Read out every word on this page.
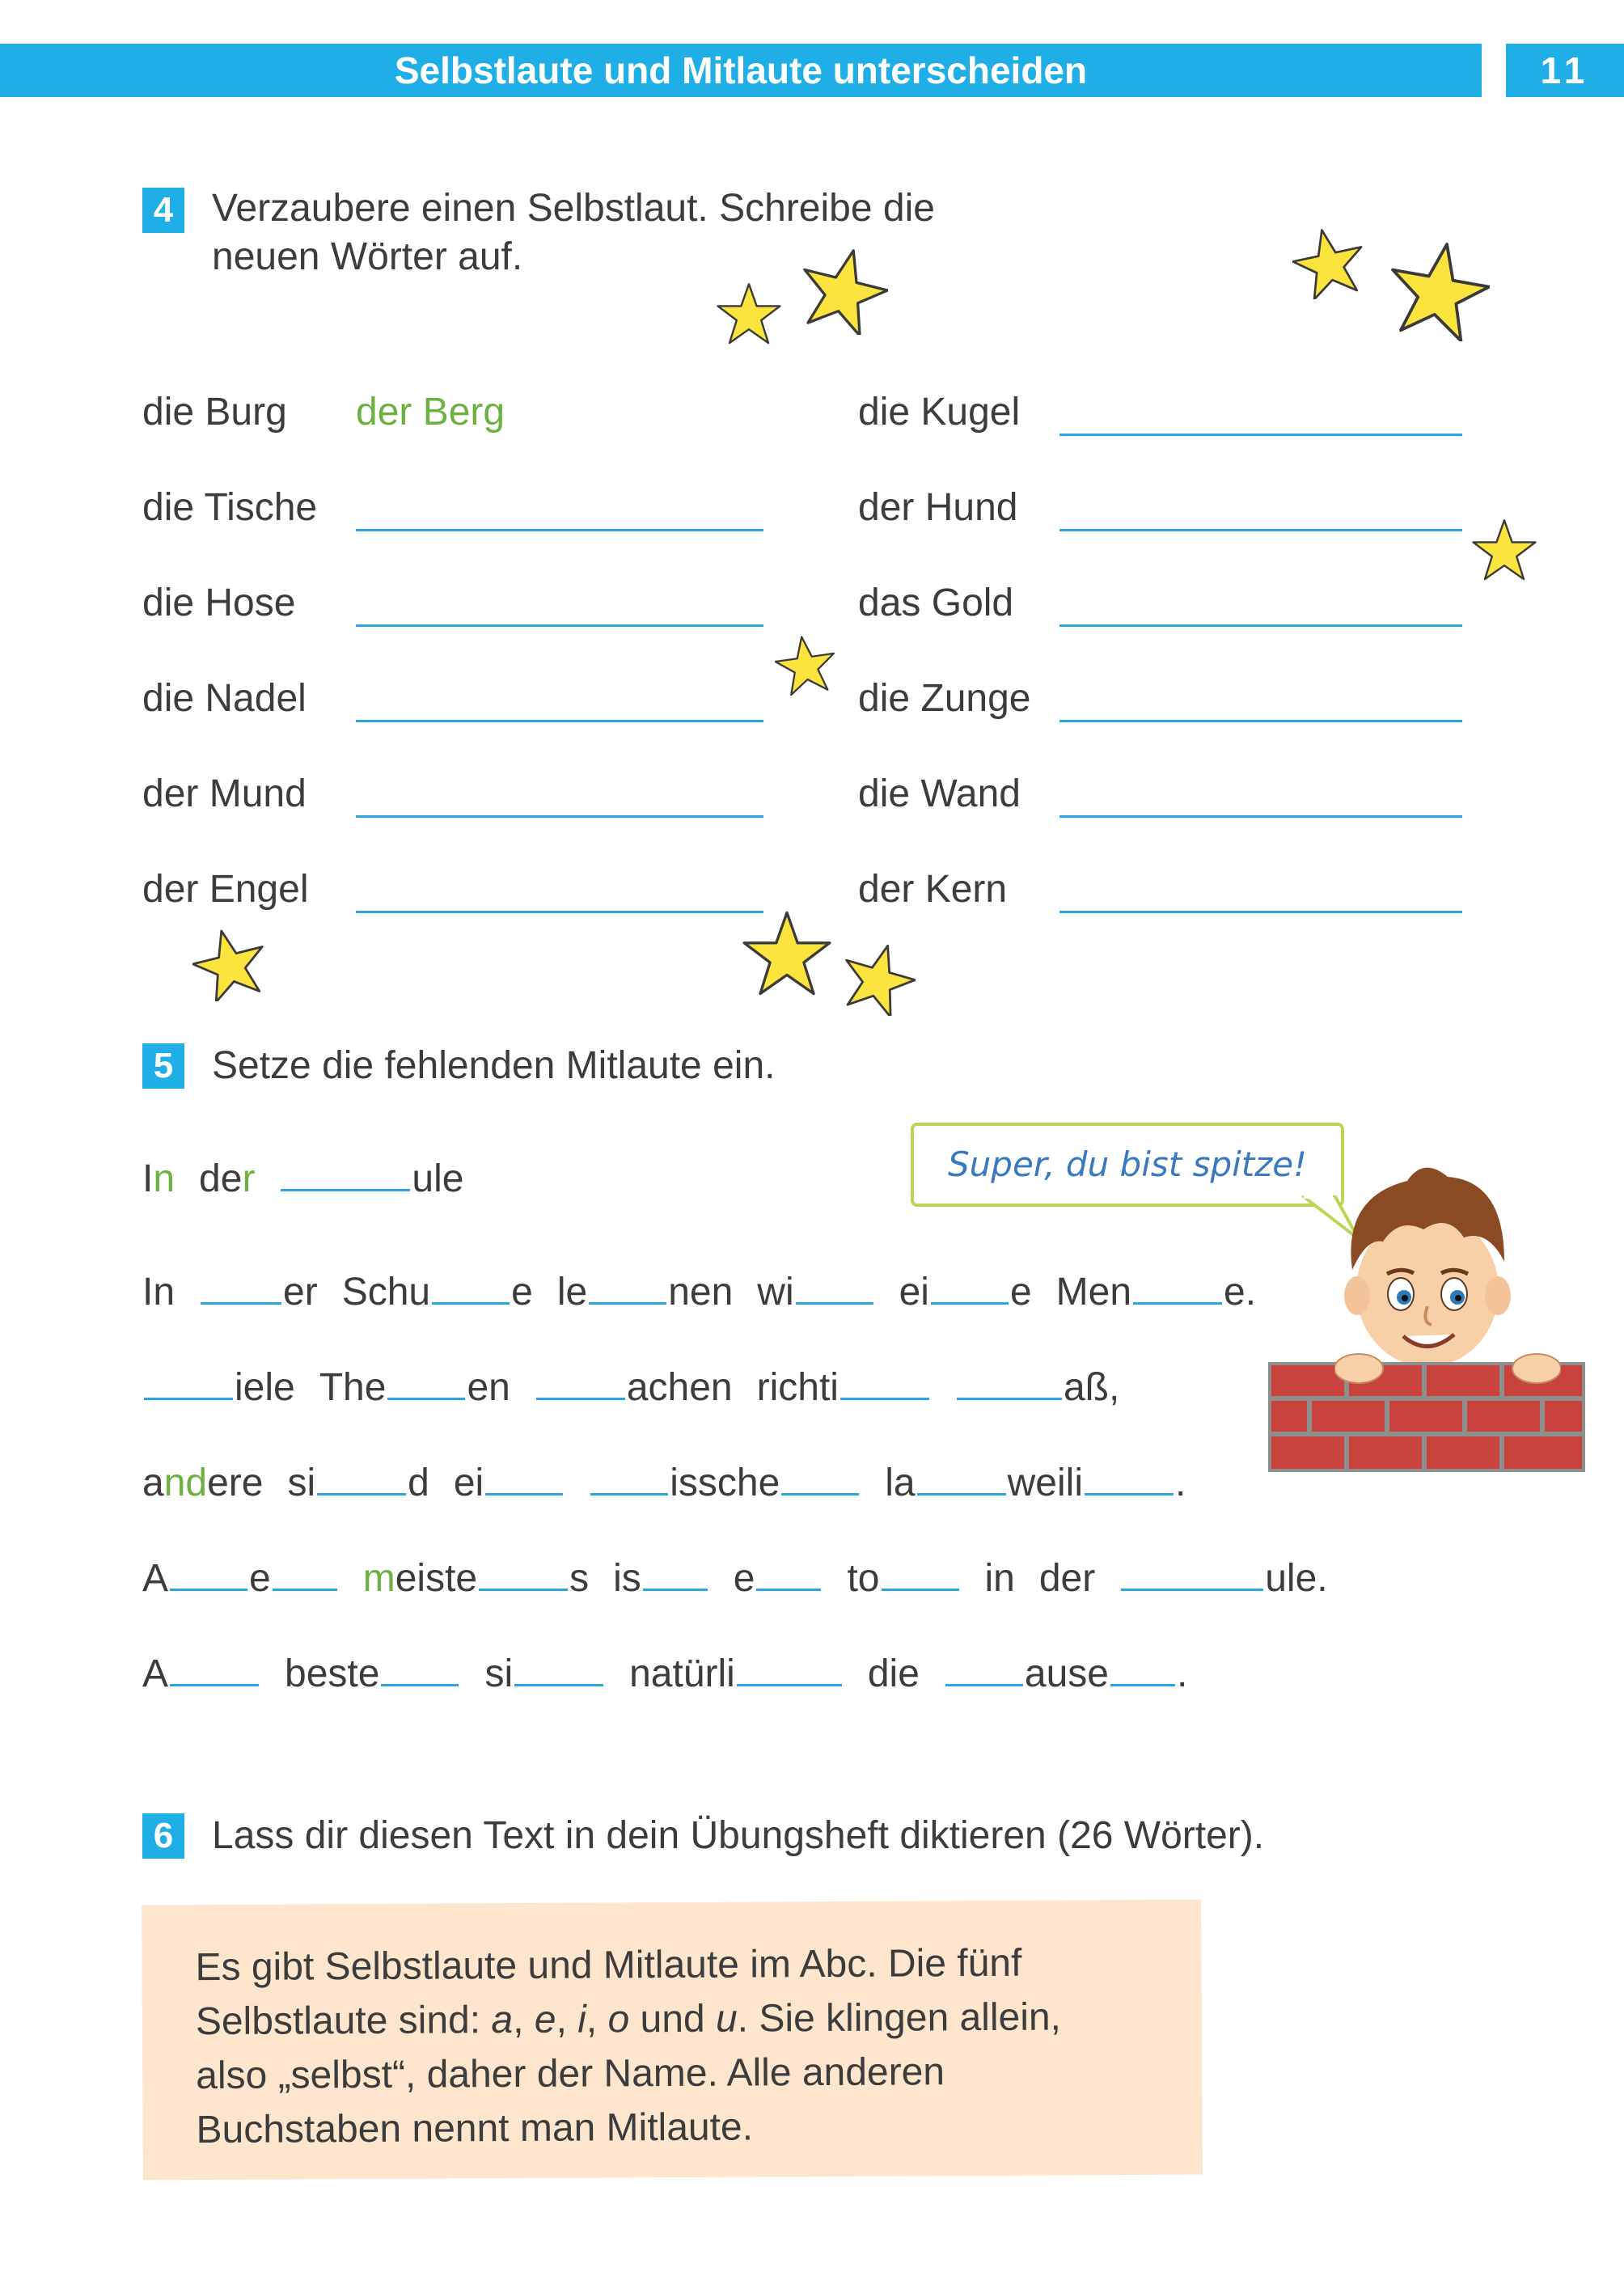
Selbstlaute und Mitlaute unterscheiden	11
4 Verzaubere einen Selbstlaut. Schreibe die
neuen Wörter auf.
die Burg der Berg
die Tische
die Hose
die Nadel
der Mund
der Engel
die Kugel
der Hund
das Gold
die Zunge
die Wand
der Kern
5 Setze die fehlenden Mitlaute ein.
In der	ule
In	er Schu e le nen wi	ei e Men e.
iele The en	achen richti	aß,
andere si d ei	issche	la weili .
A e meiste s is e to	in der	ule.
A	beste	si	natürli	die	ause .
Super, du bist spitze!
6 Lass dir diesen Text in dein Übungsheft diktieren (26 Wörter).

Es gibt Selbstlaute und Mitlaute im Abc. Die fünf

Selbstlaute sind: a, e, i, o und u. Sie klingen allein,

also „selbst“, daher der Name. Alle anderen

Buchstaben nennt man Mitlaute.
